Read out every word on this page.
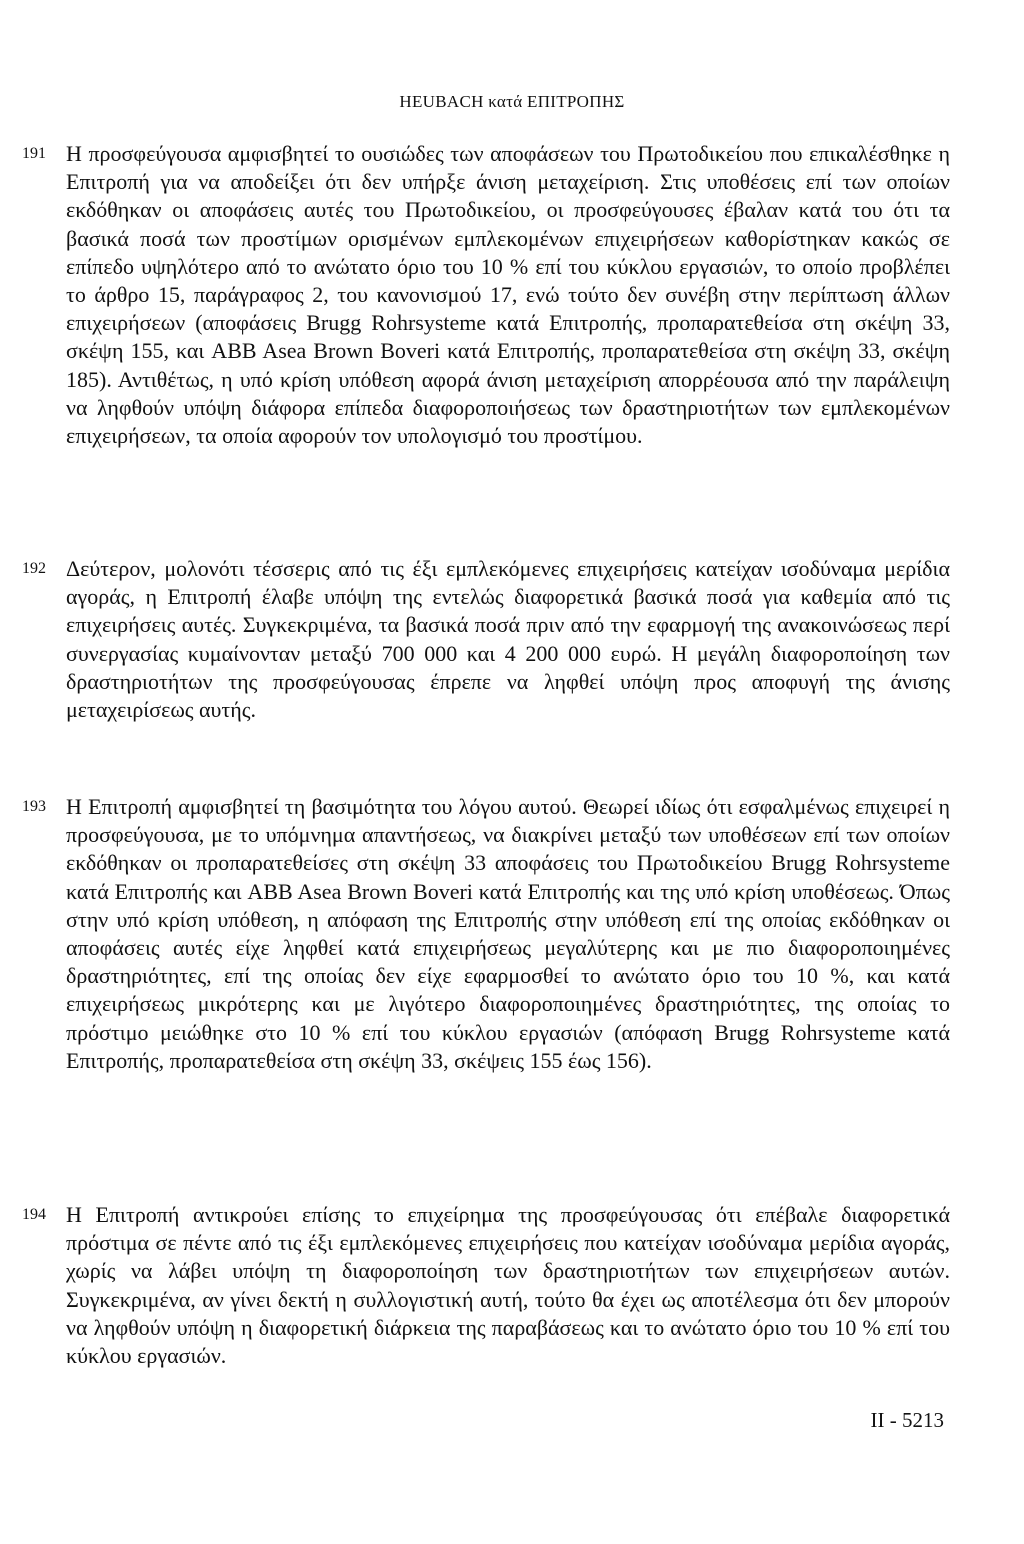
HEUBACH κατά ΕΠΙΤΡΟΠΗΣ
191 Η προσφεύγουσα αμφισβητεί το ουσιώδες των αποφάσεων του Πρωτοδικείου που επικαλέσθηκε η Επιτροπή για να αποδείξει ότι δεν υπήρξε άνιση μεταχείριση. Στις υποθέσεις επί των οποίων εκδόθηκαν οι αποφάσεις αυτές του Πρωτοδικείου, οι προσφεύγουσες έβαλαν κατά του ότι τα βασικά ποσά των προστίμων ορισμένων εμπλεκομένων επιχειρήσεων καθορίστηκαν κακώς σε επίπεδο υψηλότερο από το ανώτατο όριο του 10 % επί του κύκλου εργασιών, το οποίο προβλέπει το άρθρο 15, παράγραφος 2, του κανονισμού 17, ενώ τούτο δεν συνέβη στην περίπτωση άλλων επιχειρήσεων (αποφάσεις Brugg Rohrsysteme κατά Επιτροπής, προπαρατεθείσα στη σκέψη 33, σκέψη 155, και ABB Asea Brown Boveri κατά Επιτροπής, προπαρατεθείσα στη σκέψη 33, σκέψη 185). Αντιθέτως, η υπό κρίση υπόθεση αφορά άνιση μεταχείριση απορρέουσα από την παράλειψη να ληφθούν υπόψη διάφορα επίπεδα διαφοροποιήσεως των δραστηριοτήτων των εμπλεκομένων επιχειρήσεων, τα οποία αφορούν τον υπολογισμό του προστίμου.

192 Δεύτερον, μολονότι τέσσερις από τις έξι εμπλεκόμενες επιχειρήσεις κατείχαν ισοδύναμα μερίδια αγοράς, η Επιτροπή έλαβε υπόψη της εντελώς διαφορετικά βασικά ποσά για καθεμία από τις επιχειρήσεις αυτές. Συγκεκριμένα, τα βασικά ποσά πριν από την εφαρμογή της ανακοινώσεως περί συνεργασίας κυμαίνονταν μεταξύ 700 000 και 4 200 000 ευρώ. Η μεγάλη διαφοροποίηση των δραστηριοτήτων της προσφεύγουσας έπρεπε να ληφθεί υπόψη προς αποφυγή της άνισης μεταχειρίσεως αυτής.

193 Η Επιτροπή αμφισβητεί τη βασιμότητα του λόγου αυτού. Θεωρεί ιδίως ότι εσφαλμένως επιχειρεί η προσφεύγουσα, με το υπόμνημα απαντήσεως, να διακρίνει μεταξύ των υποθέσεων επί των οποίων εκδόθηκαν οι προπαρατεθείσες στη σκέψη 33 αποφάσεις του Πρωτοδικείου Brugg Rohrsysteme κατά Επιτροπής και ABB Asea Brown Boveri κατά Επιτροπής και της υπό κρίση υποθέσεως. Όπως στην υπό κρίση υπόθεση, η απόφαση της Επιτροπής στην υπόθεση επί της οποίας εκδόθηκαν οι αποφάσεις αυτές είχε ληφθεί κατά επιχειρήσεως μεγαλύτερης και με πιο διαφοροποιημένες δραστηριότητες, επί της οποίας δεν είχε εφαρμοσθεί το ανώτατο όριο του 10 %, και κατά επιχειρήσεως μικρότερης και με λιγότερο διαφοροποιημένες δραστηριότητες, της οποίας το πρόστιμο μειώθηκε στο 10 % επί του κύκλου εργασιών (απόφαση Brugg Rohrsysteme κατά Επιτροπής, προπαρατεθείσα στη σκέψη 33, σκέψεις 155 έως 156).

194 Η Επιτροπή αντικρούει επίσης το επιχείρημα της προσφεύγουσας ότι επέβαλε διαφορετικά πρόστιμα σε πέντε από τις έξι εμπλεκόμενες επιχειρήσεις που κατείχαν ισοδύναμα μερίδια αγοράς, χωρίς να λάβει υπόψη τη διαφοροποίηση των δραστηριοτήτων των επιχειρήσεων αυτών. Συγκεκριμένα, αν γίνει δεκτή η συλλογιστική αυτή, τούτο θα έχει ως αποτέλεσμα ότι δεν μπορούν να ληφθούν υπόψη η διαφορετική διάρκεια της παραβάσεως και το ανώτατο όριο του 10 % επί του κύκλου εργασιών.

II - 5213
